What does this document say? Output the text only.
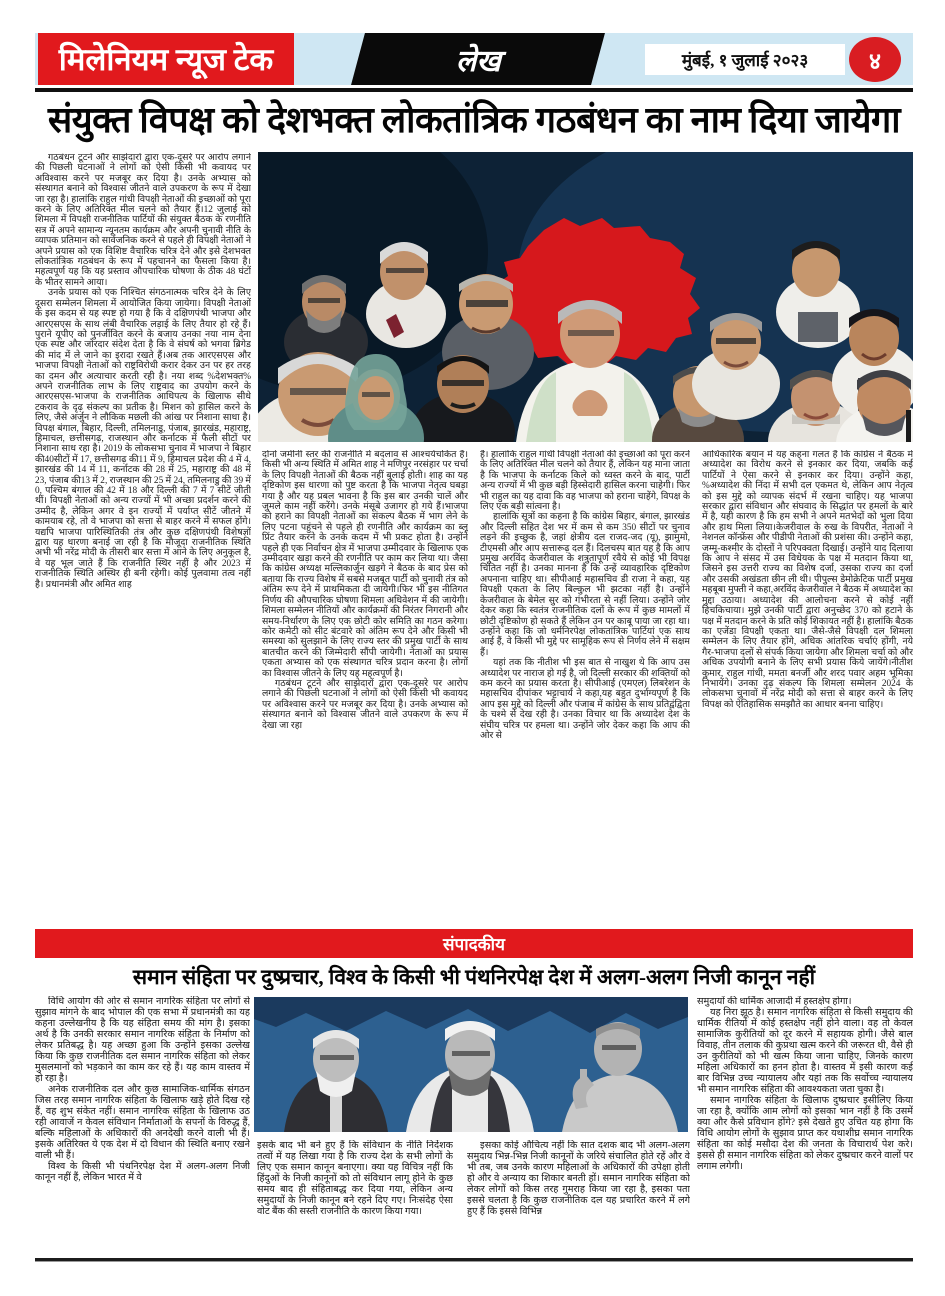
मिलेनियम न्यूज टेक	लेख	मुंबई, १ जुलाई २०२३	४
संयुक्त विपक्ष को देशभक्त लोकतांत्रिक गठबंधन का नाम दिया जायेगा

गठबंधन टूटने और साझेदारों द्वारा एक-दूसरे पर आरोप लगाने की पिछली घटनाओं ने लोगों को ऐसी किसी भी कवायद पर अविश्वास करने पर मजबूर कर दिया है। उनके अभ्यास को संस्थागत बनाने को विश्वास जीतने वाले उपकरण के रूप में देखा जा रहा है। हालांकि राहुल गांधी विपक्षी नेताओं की इच्छाओं को पूरा करने के लिए अतिरिक्त मील चलने को तैयार हैं।12 जुलाई को शिमला में विपक्षी राजनीतिक पार्टियों की संयुक्त बैठक के रणनीति सत्र में अपने सामान्य न्यूनतम कार्यक्रम और अपनी चुनावी नीति के व्यापक प्रतिमान को सार्वजनिक करने से पहले ही विपक्षी नेताओं ने अपने प्रयास को एक विशिष्ट वैचारिक चरित्र देने और इसे देशभक्त लोकतांत्रिक गठबंधन के रूप में पहचानने का फैसला किया है। महत्वपूर्ण यह कि यह प्रस्ताव औपचारिक घोषणा के ठीक 48 घंटों के भीतर सामने आया।

उनके प्रयास को एक निश्चित संगठनात्मक चरित्र देने के लिए दूसरा सम्मेलन शिमला में आयोजित किया जायेगा। विपक्षी नेताओं के इस कदम से यह स्पष्ट हो गया है कि वे दक्षिणपंथी भाजपा और आरएसएस के साथ लंबी वैचारिक लड़ाई के लिए तैयार हो रहे हैं। पुराने यूपीए को पुनर्जीवित करने के बजाय उनका नया नाम देना एक स्पष्ट और जोरदार संदेश देता है कि वे संघर्ष को भगवा ब्रिगेड की मांद में ले जाने का इरादा रखते हैं।अब तक आरएसएस और भाजपा विपक्षी नेताओं को राष्ट्रविरोधी करार देकर उन पर हर तरह का दमन और अत्याचार करती रही है। नया शब्द %देशभक्त% अपने राजनीतिक लाभ के लिए राष्ट्रवाद का उपयोग करने के आरएसएस-भाजपा के राजनीतिक आधिपत्य के खिलाफ सीधे टकराव के दृढ़ संकल्प का प्रतीक है। मिशन को हासिल करने के लिए, जैसे अर्जुन ने लौकिक मछली की आंख पर निशाना साधा है।विपक्ष बंगाल, बिहार, दिल्ली, तमिलनाडु, पंजाब, झारखंड, महाराष्ट्र, हिमाचल, छत्तीसगढ़, राजस्थान और कर्नाटक में फैली सीटों पर निशाना साध रहा है। 2019 के लोकसभा चुनाव में भाजपा ने बिहार की40सीटों में 17, छत्तीसगढ़ की11 में 9, हिमाचल प्रदेश की 4 में 4, झारखंड की 14 में 11, कर्नाटक की 28 में 25, महाराष्ट्र की 48 में 23, पंजाब की13 में 2, राजस्थान की 25 में 24, तमिलनाडु की 39 में 0, पश्चिम बंगाल की 42 में 18 और दिल्ली की 7 में 7 सीटें जीती थीं। विपक्षी नेताओं को अन्य राज्यों में भी अच्छा प्रदर्शन करने की उम्मीद है, लेकिन अगर वे इन राज्यों में पर्याप्त सीटें जीतने में कामयाब रहे, तो वे भाजपा को सत्ता से बाहर करने में सफल होंगे।यद्यपि भाजपा पारिस्थितिकी तंत्र और कुछ दक्षिणपंथी विशेषज्ञों द्वारा यह धारणा बनाई जा रही है कि मौजूदा राजनीतिक स्थिति अभी भी नरेंद्र मोदी के तीसरी बार सत्ता में आने के लिए अनुकूल है, वे यह भूल जाते हैं कि राजनीति स्थिर नहीं है और 2023 में राजनीतिक स्थिति अस्थिर ही बनी रहेगी। कोई पुलवामा तत्व नहीं है। प्रधानमंत्री और अमित शाह

दोनों जमीनी स्तर की राजनीति में बदलाव से आश्चर्यचकित हैं।किसी भी अन्य स्थिति में अमित शाह ने मणिपुर नरसंहार पर चर्चा के लिए विपक्षी नेताओं की बैठक नहीं बुलाई होती। शाह का यह दृष्टिकोण इस धारणा को पुष्ट करता है कि भाजपा नेतृत्व घबड़ा गया है और यह प्रबल भावना है कि इस बार उनकी चालें और जुमले काम नहीं करेंगे। उनके मंसूबे उजागर हो गये हैं।भाजपा को हराने का विपक्षी नेताओं का संकल्प बैठक में भाग लेने के लिए पटना पहुंचने से पहले ही रणनीति और कार्यक्रम का ब्लू प्रिंट तैयार करने के उनके कदम में भी प्रकट होता है। उन्होंने पहले ही एक निर्वाचन क्षेत्र में भाजपा उम्मीदवार के खिलाफ एक उम्मीदवार खड़ा करने की रणनीति पर काम कर लिया था। जैसा कि कांग्रेस अध्यक्ष मल्लिकार्जुन खड़गे ने बैठक के बाद प्रेस को बताया कि राज्य विशेष में सबसे मजबूत पार्टी को चुनावी तंत्र को अंतिम रूप देने में प्राथमिकता दी जायेगी।फिर भी इस नीतिगत निर्णय की औपचारिक घोषणा शिमला अधिवेशन में की जायेगी। शिमला सम्मेलन नीतियों और कार्यक्रमों की निरंतर निगरानी और समय-निर्धारण के लिए एक छोटी कोर समिति का गठन करेगा। कोर कमेटी को सीट बंटवारे को अंतिम रूप देने और किसी भी समस्या को सुलझाने के लिए राज्य स्तर की प्रमुख पार्टी के साथ बातचीत करने की जिम्मेदारी सौंपी जायेगी। नेताओं का प्रयास एकता अभ्यास को एक संस्थागत चरित्र प्रदान करना है। लोगों का विश्वास जीतने के लिए यह महत्वपूर्ण है।

गठबंधन टूटने और साझेदारों द्वारा एक-दूसरे पर आरोप लगाने की पिछली घटनाओं ने लोगों को ऐसी किसी भी कवायद पर अविश्वास करने पर मजबूर कर दिया है। उनके अभ्यास को संस्थागत बनाने को विश्वास जीतने वाले उपकरण के रूप में देखा जा रहा

है। हालांकि राहुल गांधी विपक्षी नेताओं की इच्छाओं को पूरा करने के लिए अतिरिक्त मील चलने को तैयार हैं, लेकिन यह माना जाता है कि भाजपा के कर्नाटक किले को ध्वस्त करने के बाद, पार्टी अन्य राज्यों में भी कुछ बड़ी हिस्सेदारी हासिल करना चाहेगी। फिर भी राहुल का यह दावा कि वह भाजपा को हराना चाहेंगे, विपक्ष के लिए एक बड़ी सांत्वना है।

हालांकि सूत्रों का कहना है कि कांग्रेस बिहार, बंगाल, झारखंड और दिल्ली सहित देश भर में कम से कम 350 सीटों पर चुनाव लड़ने की इच्छुक है, जहां क्षेत्रीय दल राजद-जद (यू), झामुमो, टीएमसी और आप सत्तारूढ़ दल हैं। दिलचस्प बात यह है कि आप प्रमुख अरविंद केजरीवाल के शत्रुतापूर्ण रवैये से कोई भी विपक्ष चिंतित नहीं है। उनका मानना है कि उन्हें व्यावहारिक दृष्टिकोण अपनाना चाहिए था। सीपीआई महासचिव डी राजा ने कहा, यह विपक्षी एकता के लिए बिल्कुल भी झटका नहीं है। उन्होंने केजरीवाल के बेमेल सुर को गंभीरता से नहीं लिया। उन्होंने जोर देकर कहा कि स्वतंत्र राजनीतिक दलों के रूप में कुछ मामलों में छोटी दृष्टिकोण हो सकते हैं लेकिन उन पर काबू पाया जा रहा था। उन्होंने कहा कि जो धर्मनिरपेक्ष लोकतांत्रिक पार्टियां एक साथ आई हैं, वे किसी भी मुद्दे पर सामूहिक रूप से निर्णय लेने में सक्षम हैं।

यहां तक कि नीतीश भी इस बात से नाखुश थे कि आप उस अध्यादेश पर नाराज हो गई है, जो दिल्ली सरकार की शक्तियों को कम करने का प्रयास करता है। सीपीआई (एमएल) लिबरेशन के महासचिव दीपांकर भट्टाचार्य ने कहा,यह बहुत दुर्भाग्यपूर्ण है कि आप इस मुद्दे को दिल्ली और पंजाब में कांग्रेस के साथ प्रतिद्वंद्विता के चश्मे से देख रही है। उनका विचार था कि अध्यादेश देश के संघीय चरित्र पर हमला था। उन्होंने जोर देकर कहा कि आप की ओर से

आधिकारिक बयान में यह कहना गलत है कि कांग्रेस ने बैठक में अध्यादेश का विरोध करने से इनकार कर दिया, जबकि कई पार्टियों ने ऐसा करने से इनकार कर दिया। उन्होंने कहा, %अध्यादेश की निंदा में सभी दल एकमत थे, लेकिन आप नेतृत्व को इस मुद्दे को व्यापक संदर्भ में रखना चाहिए। यह भाजपा सरकार द्वारा संविधान और संघवाद के सिद्धांत पर हमलों के बारे में है, यही कारण है कि हम सभी ने अपने मतभेदों को भुला दिया और हाथ मिला लिया।केजरीवाल के रुख के विपरीत, नेताओं ने नेशनल कॉन्फ्रेंस और पीडीपी नेताओं की प्रशंसा की। उन्होंने कहा, जम्मू-कश्मीर के दोस्तों ने परिपक्वता दिखाई। उन्होंने याद दिलाया कि आप ने संसद में उस विधेयक के पक्ष में मतदान किया था, जिसने इस उत्तरी राज्य का विशेष दर्जा, उसका राज्य का दर्जा और उसकी अखंडता छीन ली थी। पीपुल्स डेमोक्रेटिक पार्टी प्रमुख महबूबा मुफ्ती ने कहा,अरविंद केजरीवाल ने बैठक में अध्यादेश का मुद्दा उठाया। अध्यादेश की आलोचना करने से कोई नहीं हिचकिचाया। मुझे उनकी पार्टी द्वारा अनुच्छेद 370 को हटाने के पक्ष में मतदान करने के प्रति कोई शिकायत नहीं है। हालांकि बैठक का एजेंडा विपक्षी एकता था। जैसे-जैसे विपक्षी दल शिमला सम्मेलन के लिए तैयार होंगे, अधिक आंतरिक चर्चाएं होंगी, नये गैर-भाजपा दलों से संपर्क किया जायेगा और शिमला चर्चा को और अधिक उपयोगी बनाने के लिए सभी प्रयास किये जायेंगे।नीतीश कुमार, राहुल गांधी, ममता बनर्जी और शरद पवार अहम भूमिका निभायेंगे। उनका दृढ़ संकल्प कि शिमला सम्मेलन 2024 के लोकसभा चुनावों में नरेंद्र मोदी को सत्ता से बाहर करने के लिए विपक्ष को ऐतिहासिक समझौते का आधार बनना चाहिए।

संपादकीय
समान संहिता पर दुष्प्रचार, विश्व के किसी भी पंथनिरपेक्ष देश में अलग-अलग निजी कानून नहीं

विधि आयोग की ओर से समान नागरिक संहिता पर लोगों से सुझाव मांगने के बाद भोपाल की एक सभा में प्रधानमंत्री का यह कहना उल्लेखनीय है कि यह संहिता समय की मांग है। इसका अर्थ है कि उनकी सरकार समान नागरिक संहिता के निर्माण को लेकर प्रतिबद्ध है। यह अच्छा हुआ कि उन्होंने इसका उल्लेख किया कि कुछ राजनीतिक दल समान नागरिक संहिता को लेकर मुसलमानों को भड़काने का काम कर रहे हैं। यह काम वास्तव में हो रहा है।

अनेक राजनीतिक दल और कुछ सामाजिक-धार्मिक संगठन जिस तरह समान नागरिक संहिता के खिलाफ खड़े होते दिख रहे हैं, वह शुभ संकेत नहीं। समान नागरिक संहिता के खिलाफ उठ रही आवाजें न केवल संविधान निर्माताओं के सपनों के विरुद्ध हैं, बल्कि महिलाओं के अधिकारों की अनदेखी करने वाली भी हैं। इसके अतिरिक्त ये एक देश में दो विधान की स्थिति बनाए रखने वाली भी हैं।

विश्व के किसी भी पंथनिरपेक्ष देश में अलग-अलग निजी कानून नहीं हैं, लेकिन भारत में वे

इसके बाद भी बने हुए हैं कि संविधान के नीति निर्देशक तत्वों में यह लिखा गया है कि राज्य देश के सभी लोगों के लिए एक समान कानून बनाएगा। क्या यह विचित्र नहीं कि हिंदुओं के निजी कानूनों को तो संविधान लागू होने के कुछ समय बाद ही संहिताबद्ध कर दिया गया, लेकिन अन्य समुदायों के निजी कानून बने रहने दिए गए। निःसंदेह ऐसा वोट बैंक की सस्ती राजनीति के कारण किया गया।

इसका कोई औचित्य नहीं कि सात दशक बाद भी अलग-अलग समुदाय भिन्न-भिन्न निजी कानूनों के जरिये संचालित होते रहें और वे भी तब, जब उनके कारण महिलाओं के अधिकारों की उपेक्षा होती हो और वे अन्याय का शिकार बनती हों। समान नागरिक संहिता को लेकर लोगों को किस तरह गुमराह किया जा रहा है, इसका पता इससे चलता है कि कुछ राजनीतिक दल यह प्रचारित करने में लगे हुए हैं कि इससे विभिन्न

समुदायों की धार्मिक आजादी में हस्तक्षेप होगा।

यह निरा झूठ है। समान नागरिक संहिता से किसी समुदाय की धार्मिक रीतियों में कोई हस्तक्षेप नहीं होने वाला। वह तो केवल सामाजिक कुरीतियों को दूर करने में सहायक होगी। जैसे बाल विवाह, तीन तलाक की कुप्रथा खत्म करने की जरूरत थी, वैसे ही उन कुरीतियों को भी खत्म किया जाना चाहिए, जिनके कारण महिला अधिकारों का हनन होता है। वास्तव में इसी कारण कई बार विभिन्न उच्च न्यायालय और यहां तक कि सर्वोच्च न्यायालय भी समान नागरिक संहिता की आवश्यकता जता चुका है।

समान नागरिक संहिता के खिलाफ दुष्प्रचार इसीलिए किया जा रहा है, क्योंकि आम लोगों को इसका भान नहीं है कि उसमें क्या और कैसे प्रविधान होंगे? इसे देखते हुए उचित यह होगा कि विधि आयोग लोगों के सुझाव प्राप्त कर यथाशीघ्र समान नागरिक संहिता का कोई मसौदा देश की जनता के विचारार्थ पेश करे। इससे ही समान नागरिक संहिता को लेकर दुष्प्रचार करने वालों पर लगाम लगेगी।
